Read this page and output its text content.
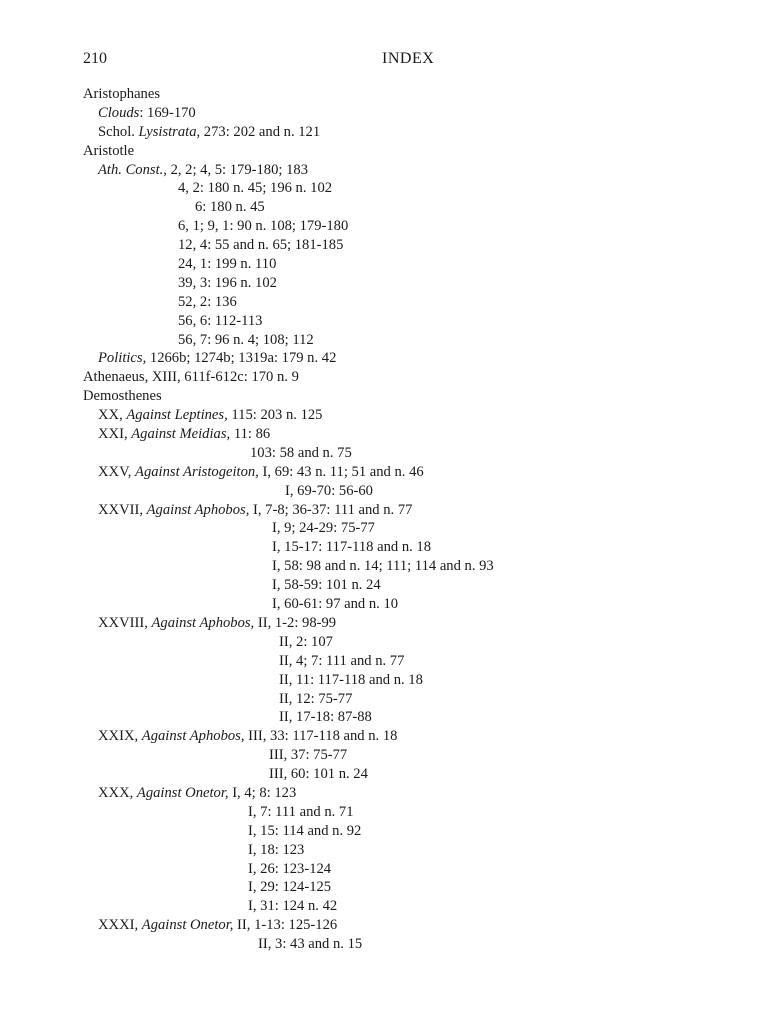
210	INDEX
Aristophanes
Clouds: 169-170
Schol. Lysistrata, 273: 202 and n. 121
Aristotle
Ath. Const., 2, 2; 4, 5: 179-180; 183
4, 2: 180 n. 45; 196 n. 102
6: 180 n. 45
6, 1; 9, 1: 90 n. 108; 179-180
12, 4: 55 and n. 65; 181-185
24, 1: 199 n. 110
39, 3: 196 n. 102
52, 2: 136
56, 6: 112-113
56, 7: 96 n. 4; 108; 112
Politics, 1266b; 1274b; 1319a: 179 n. 42
Athenaeus, XIII, 611f-612c: 170 n. 9
Demosthenes
XX, Against Leptines, 115: 203 n. 125
XXI, Against Meidias, 11: 86
103: 58 and n. 75
XXV, Against Aristogeiton, I, 69: 43 n. 11; 51 and n. 46
I, 69-70: 56-60
XXVII, Against Aphobos, I, 7-8; 36-37: 111 and n. 77
I, 9; 24-29: 75-77
I, 15-17: 117-118 and n. 18
I, 58: 98 and n. 14; 111; 114 and n. 93
I, 58-59: 101 n. 24
I, 60-61: 97 and n. 10
XXVIII, Against Aphobos, II, 1-2: 98-99
II, 2: 107
II, 4; 7: 111 and n. 77
II, 11: 117-118 and n. 18
II, 12: 75-77
II, 17-18: 87-88
XXIX, Against Aphobos, III, 33: 117-118 and n. 18
III, 37: 75-77
III, 60: 101 n. 24
XXX, Against Onetor, I, 4; 8: 123
I, 7: 111 and n. 71
I, 15: 114 and n. 92
I, 18: 123
I, 26: 123-124
I, 29: 124-125
I, 31: 124 n. 42
XXXI, Against Onetor, II, 1-13: 125-126
II, 3: 43 and n. 15
